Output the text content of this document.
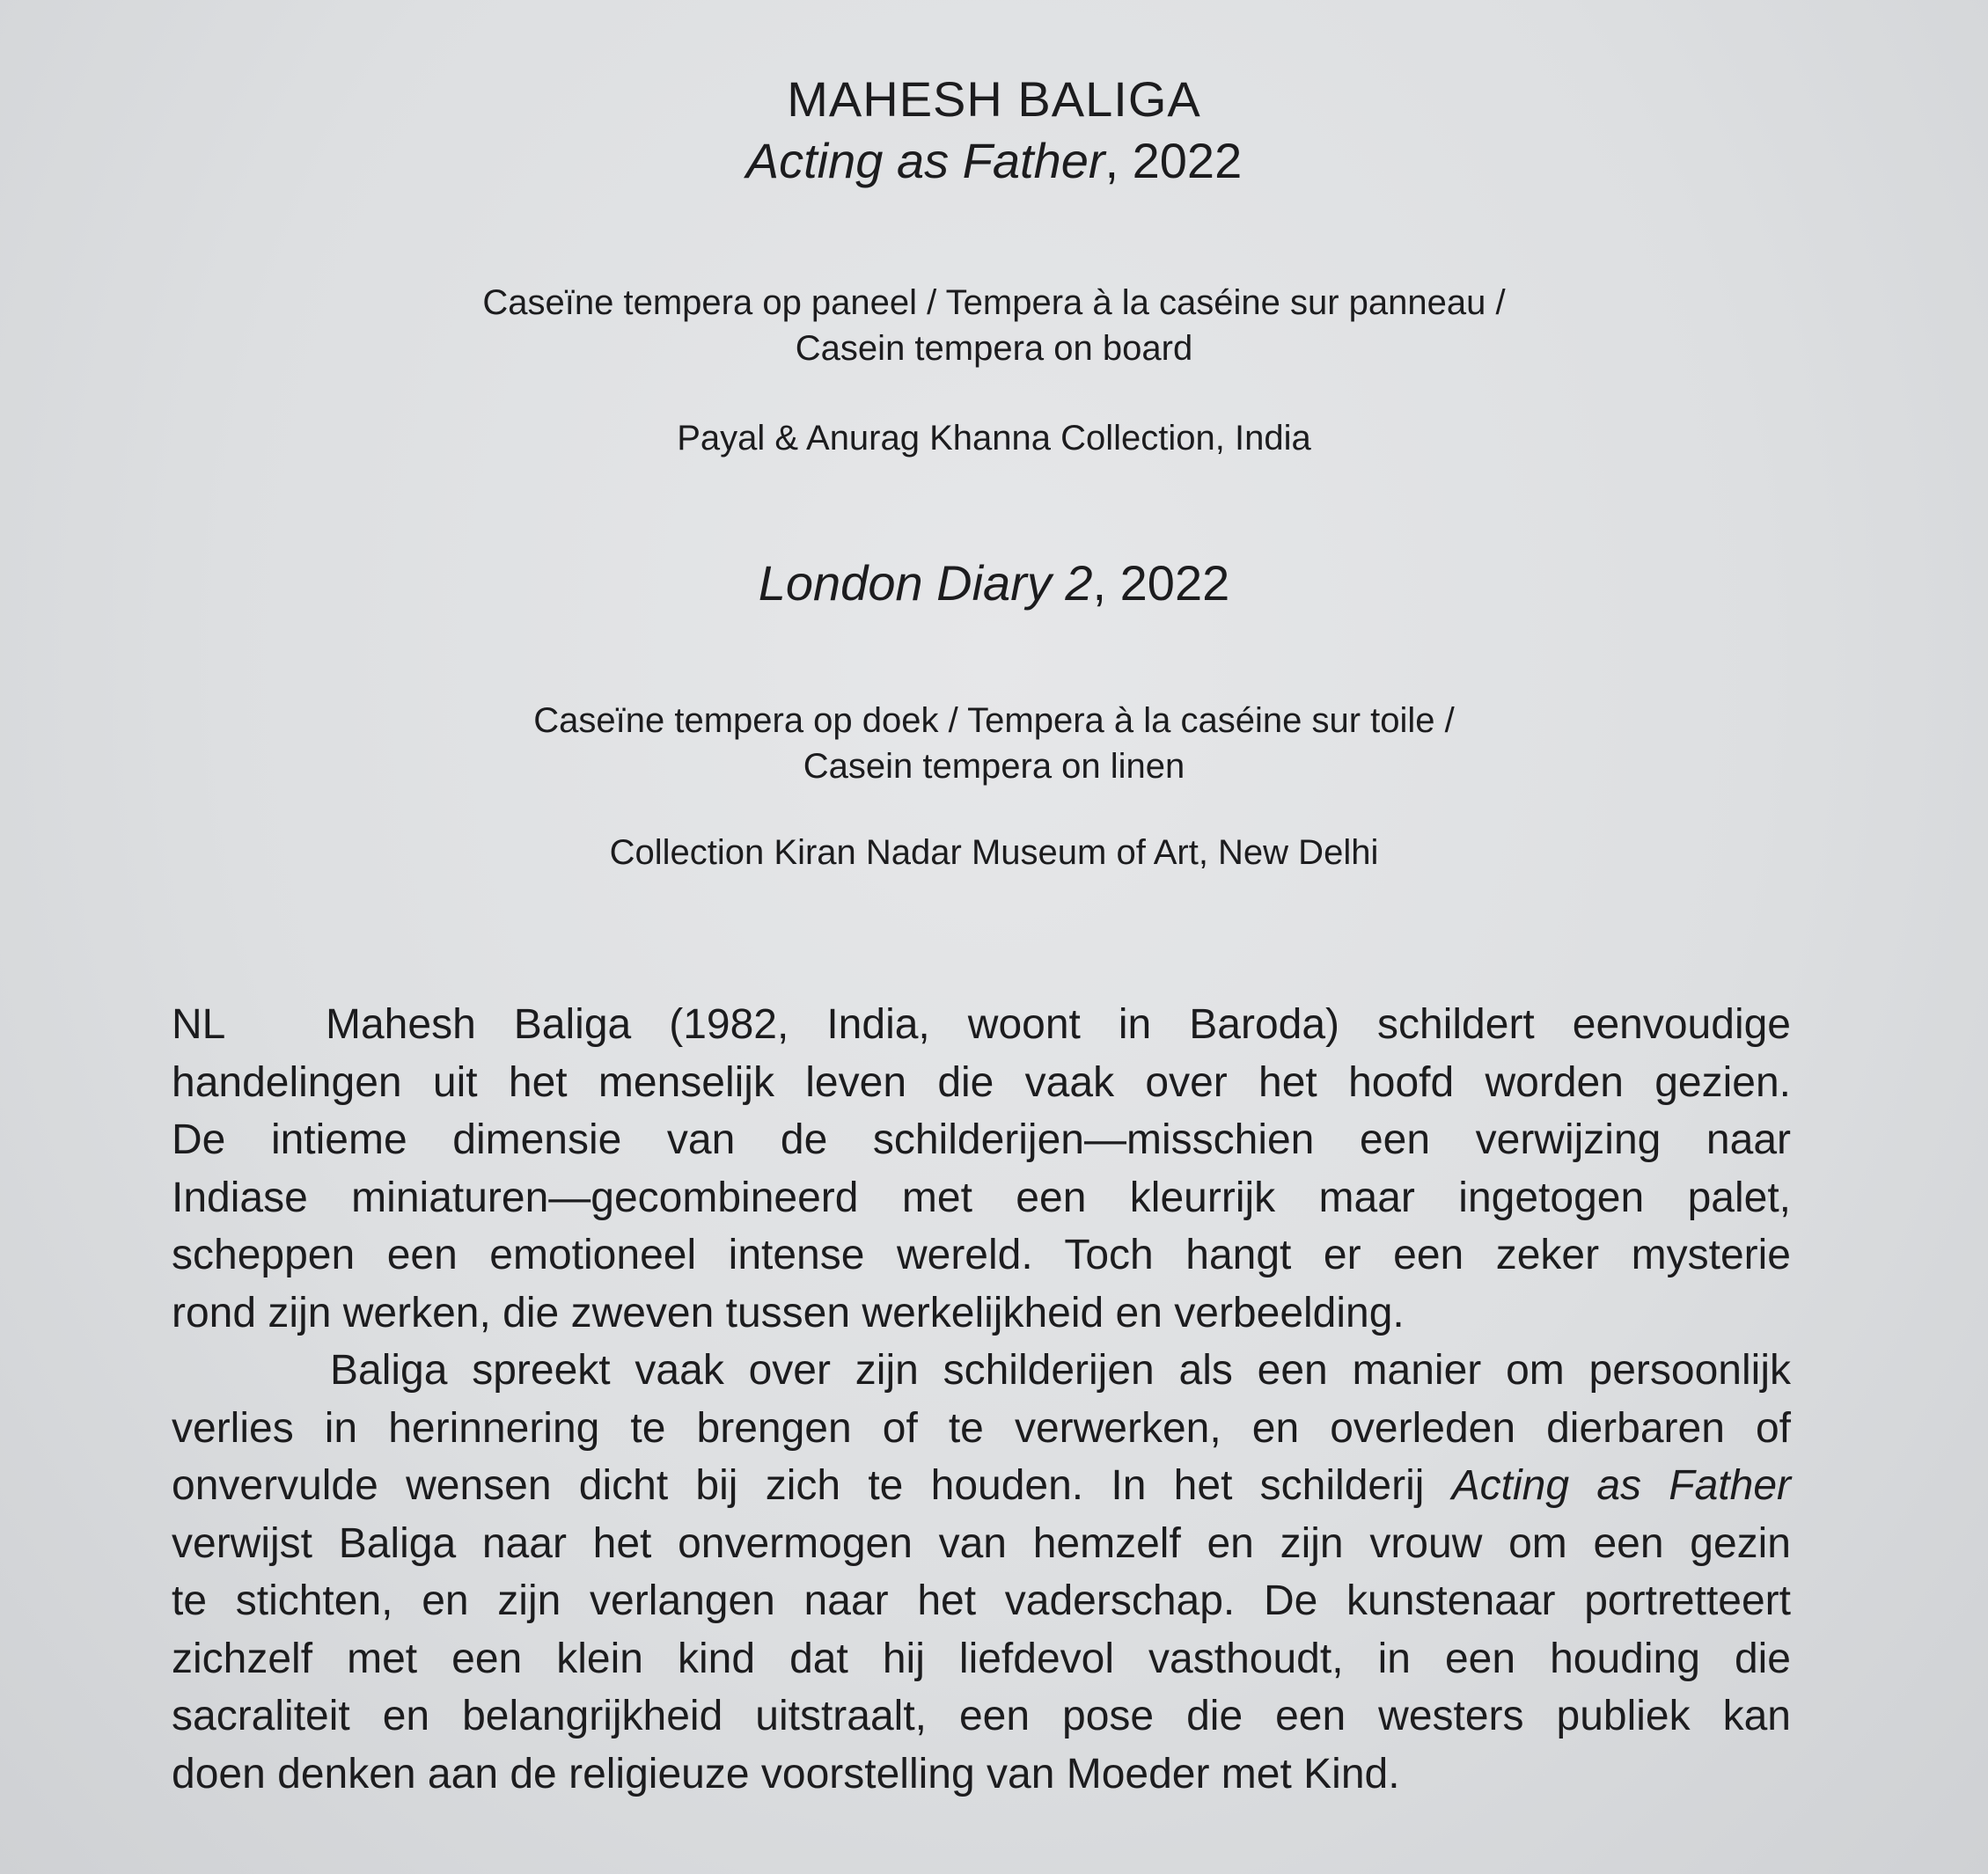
MAHESH BALIGA
Acting as Father, 2022
Caseïne tempera op paneel / Tempera à la caséine sur panneau /
Casein tempera on board
Payal & Anurag Khanna Collection, India
London Diary 2, 2022
Caseïne tempera op doek / Tempera à la caséine sur toile /
Casein tempera on linen
Collection Kiran Nadar Museum of Art, New Delhi
NL Mahesh Baliga (1982, India, woont in Baroda) schildert eenvoudige
handelingen uit het menselijk leven die vaak over het hoofd worden gezien.
De intieme dimensie van de schilderijen—misschien een verwijzing naar
Indiase miniaturen—gecombineerd met een kleurrijk maar ingetogen palet,
scheppen een emotioneel intense wereld. Toch hangt er een zeker mysterie
rond zijn werken, die zweven tussen werkelijkheid en verbeelding.
Baliga spreekt vaak over zijn schilderijen als een manier om persoonlijk
verlies in herinnering te brengen of te verwerken, en overleden dierbaren of
onvervulde wensen dicht bij zich te houden. In het schilderij Acting as Father
verwijst Baliga naar het onvermogen van hemzelf en zijn vrouw om een gezin
te stichten, en zijn verlangen naar het vaderschap. De kunstenaar portretteert
zichzelf met een klein kind dat hij liefdevol vasthoudt, in een houding die
sacraliteit en belangrijkheid uitstraalt, een pose die een westers publiek kan
doen denken aan de religieuze voorstelling van Moeder met Kind.
